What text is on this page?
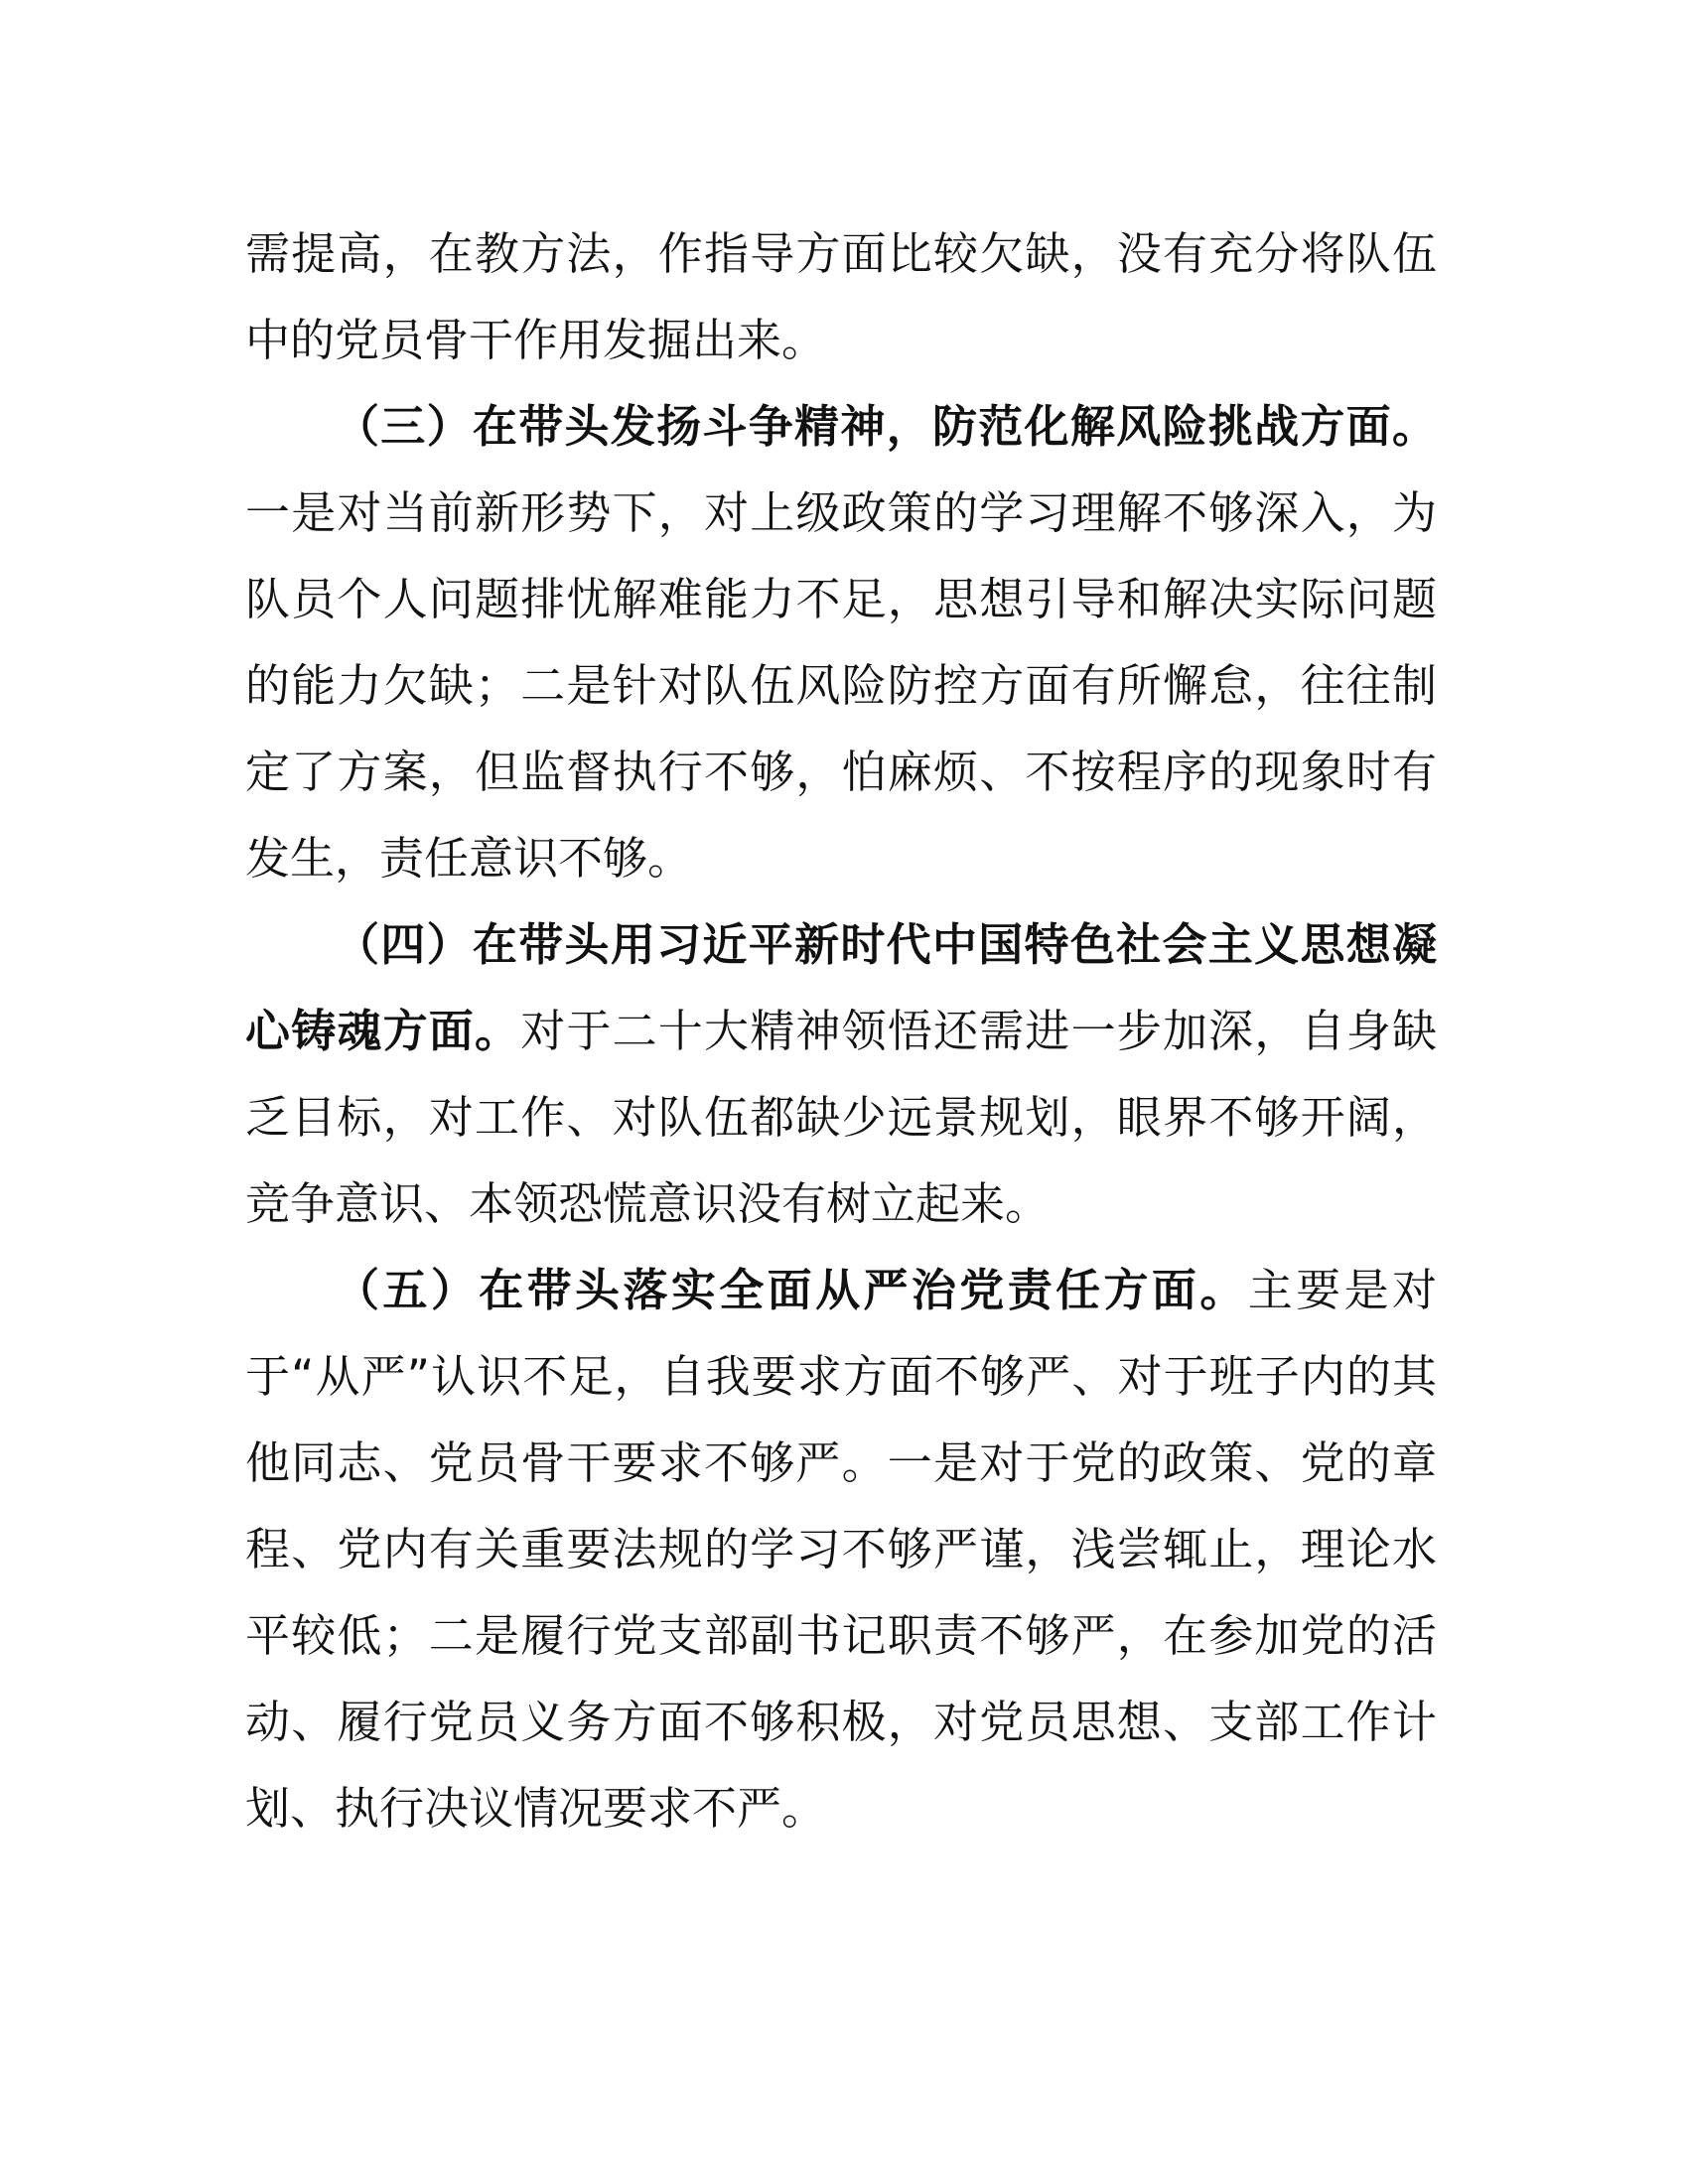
需提高，在教方法，作指导方面比较欠缺，没有充分将队伍中的党员骨干作用发掘出来。

（三）在带头发扬斗争精神，防范化解风险挑战方面。一是对当前新形势下，对上级政策的学习理解不够深入，为队员个人问题排忧解难能力不足，思想引导和解决实际问题的能力欠缺；二是针对队伍风险防控方面有所懈怠，往往制定了方案，但监督执行不够，怕麻烦、不按程序的现象时有发生，责任意识不够。

（四）在带头用习近平新时代中国特色社会主义思想凝心铸魂方面。对于二十大精神领悟还需进一步加深，自身缺乏目标，对工作、对队伍都缺少远景规划，眼界不够开阔，竞争意识、本领恐慌意识没有树立起来。

（五）在带头落实全面从严治党责任方面。主要是对于“从严”认识不足，自我要求方面不够严、对于班子内的其他同志、党员骨干要求不够严。一是对于党的政策、党的章程、党内有关重要法规的学习不够严谨，浅尝辄止，理论水平较低；二是履行党支部副书记职责不够严，在参加党的活动、履行党员义务方面不够积极，对党员思想、支部工作计划、执行决议情况要求不严。
